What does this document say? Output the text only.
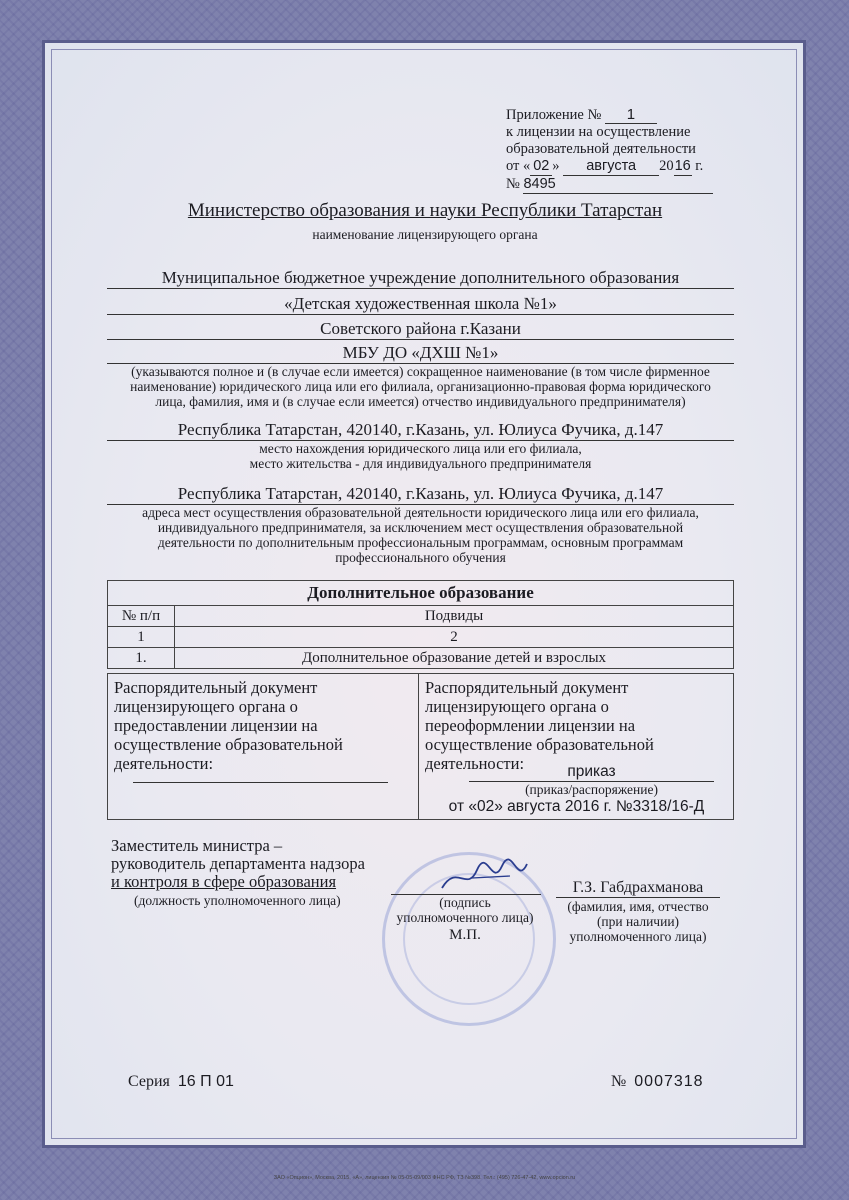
Приложение № 1
к лицензии на осуществление
образовательной деятельности
от « 02 » августа 2016 г.
№ 8495
Министерство образования и науки Республики Татарстан
наименование лицензирующего органа
Муниципальное бюджетное учреждение дополнительного образования
«Детская художественная школа №1»
Советского района г.Казани
МБУ ДО «ДХШ №1»
(указываются полное и (в случае если имеется) сокращенное наименование (в том числе фирменное
наименование) юридического лица или его филиала, организационно-правовая форма юридического
лица, фамилия, имя и (в случае если имеется) отчество индивидуального предпринимателя)
Республика Татарстан, 420140, г.Казань, ул. Юлиуса Фучика, д.147
место нахождения юридического лица или его филиала,
место жительства - для индивидуального предпринимателя
Республика Татарстан, 420140, г.Казань, ул. Юлиуса Фучика, д.147
адреса мест осуществления образовательной деятельности юридического лица или его филиала,
индивидуального предпринимателя, за исключением мест осуществления образовательной
деятельности по дополнительным профессиональным программам, основным программам
профессионального обучения
Дополнительное образование	
№ п/п	Подвиды
1	2
1.	Дополнительное образование детей и взрослых
Распорядительный документ
лицензирующего органа о
предоставлении лицензии на
осуществление образовательной
деятельности:
Распорядительный документ
лицензирующего органа о
переоформлении лицензии на
осуществление образовательной
деятельности:	приказ
(приказ/распоряжение)
от «02» августа 2016 г. №3318/16-Д
Заместитель министра –
руководитель департамента надзора
и контроля в сфере образования
(должность уполномоченного лица)	(подпись
уполномоченного лица)
М.П.
Г.З. Габдрахманова
(фамилия, имя, отчество
(при наличии)
уполномоченного лица)
Серия 16 П 01	№ 0007318
ЗАО «Опцион», Москва, 2015, «А», лицензия № 05-05-09/003 ФНС РФ, ТЗ №398. Тел.: (495) 726-47-42, www.opcion.ru
